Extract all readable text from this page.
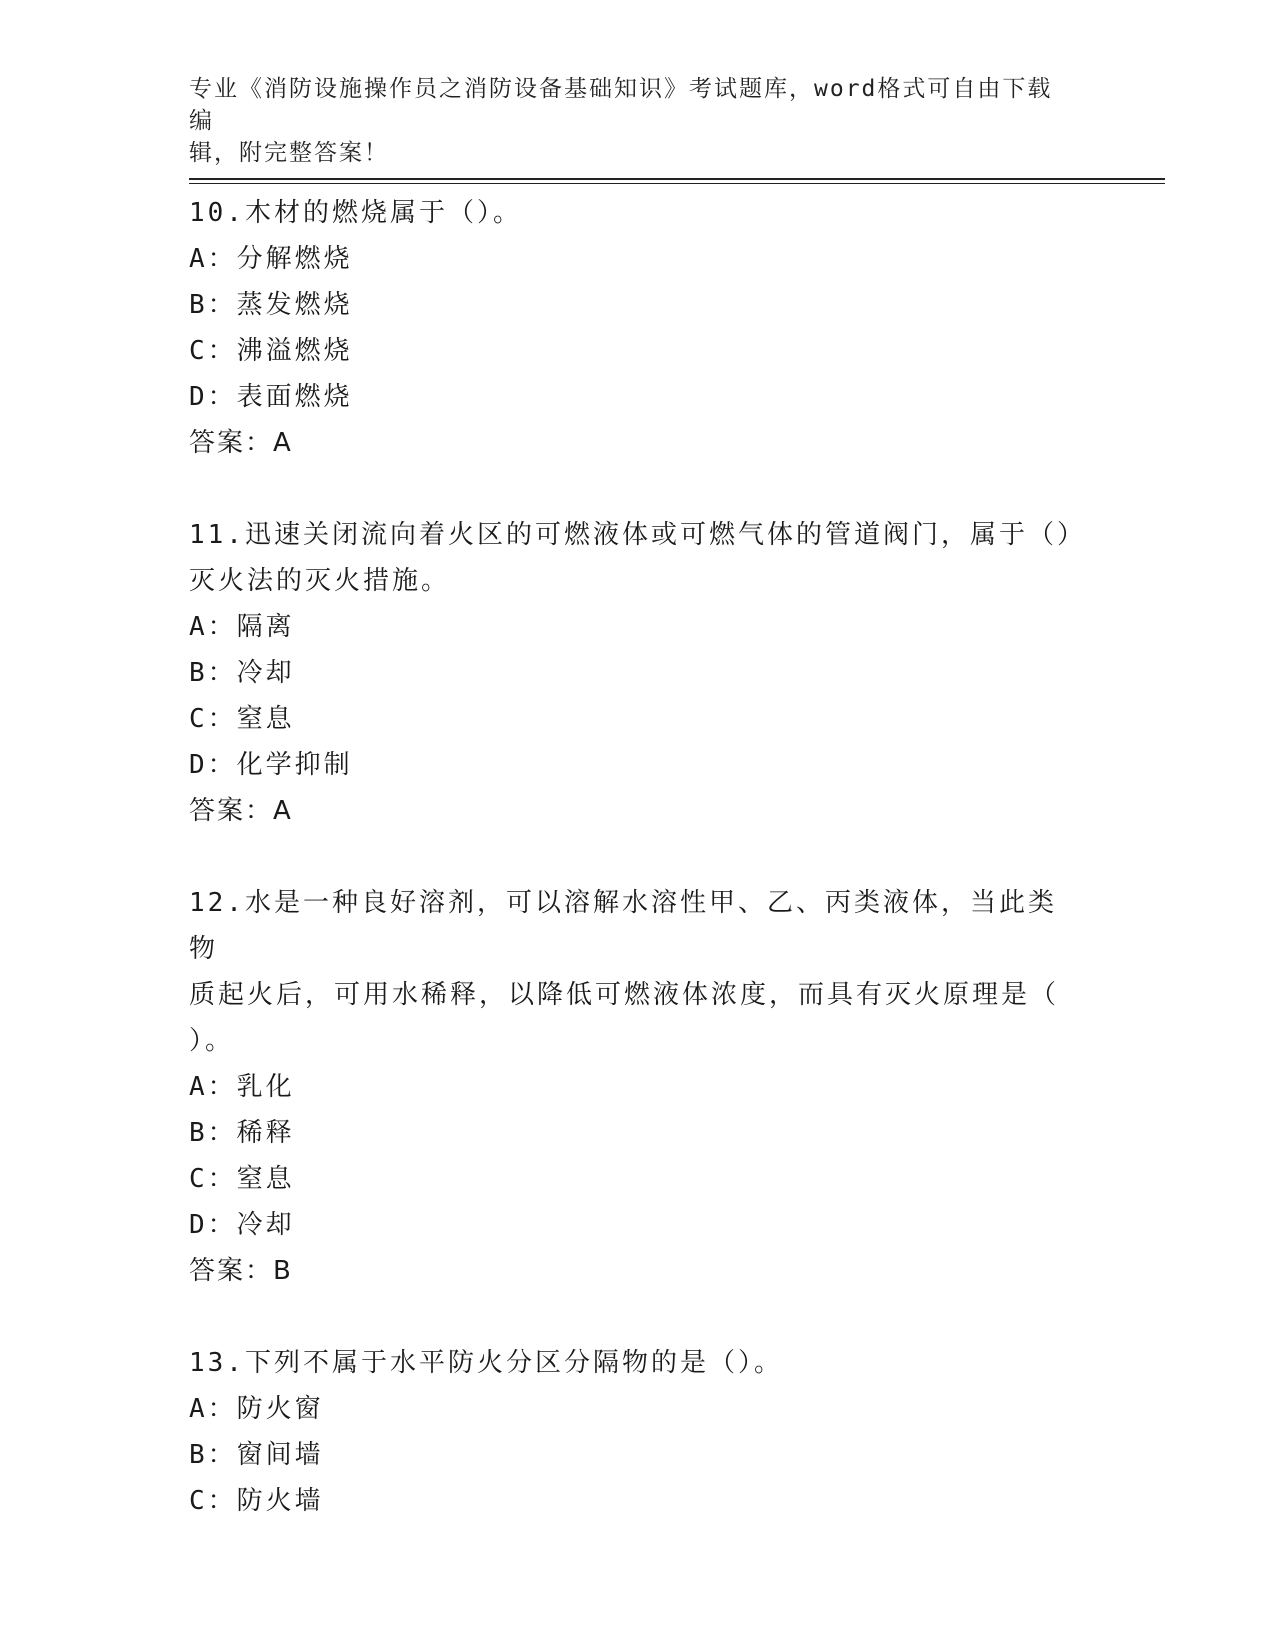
专业《消防设施操作员之消防设备基础知识》考试题库，word格式可自由下载编
辑，附完整答案！

10.木材的燃烧属于（）。

A：分解燃烧

B：蒸发燃烧

C：沸溢燃烧

D：表面燃烧

答案：A

11.迅速关闭流向着火区的可燃液体或可燃气体的管道阀门，属于（）

灭火法的灭火措施。

A：隔离

B：冷却

C：窒息

D：化学抑制

答案：A

12.水是一种良好溶剂，可以溶解水溶性甲、乙、丙类液体，当此类物

质起火后，可用水稀释，以降低可燃液体浓度，而具有灭火原理是（

）。

A：乳化

B：稀释

C：窒息

D：冷却

答案：B

13.下列不属于水平防火分区分隔物的是（）。

A：防火窗

B：窗间墙

C：防火墙
